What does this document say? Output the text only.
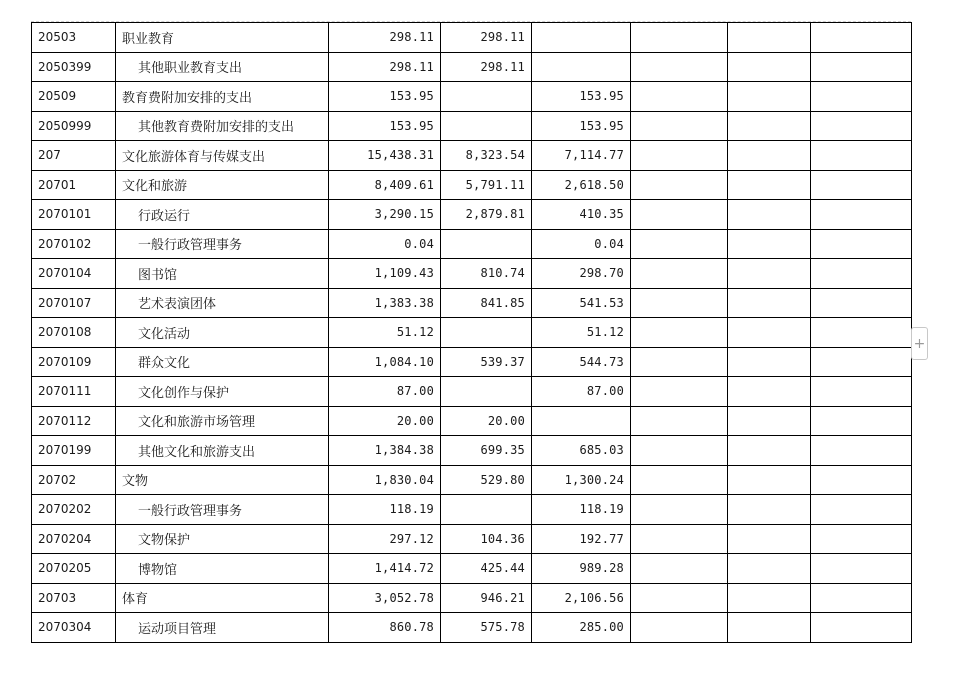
20503	职业教育	298.11	298.11				
2050399	其他职业教育支出	298.11	298.11				
20509	教育费附加安排的支出	153.95		153.95			
2050999	其他教育费附加安排的支出	153.95		153.95			
207	文化旅游体育与传媒支出	15,438.31	8,323.54	7,114.77			
20701	文化和旅游	8,409.61	5,791.11	2,618.50			
2070101	行政运行	3,290.15	2,879.81	410.35			
2070102	一般行政管理事务	0.04		0.04			
2070104	图书馆	1,109.43	810.74	298.70			
2070107	艺术表演团体	1,383.38	841.85	541.53			
2070108	文化活动	51.12		51.12			
2070109	群众文化	1,084.10	539.37	544.73			
2070111	文化创作与保护	87.00		87.00			
2070112	文化和旅游市场管理	20.00	20.00				
2070199	其他文化和旅游支出	1,384.38	699.35	685.03			
20702	文物	1,830.04	529.80	1,300.24			
2070202	一般行政管理事务	118.19		118.19			
2070204	文物保护	297.12	104.36	192.77			
2070205	博物馆	1,414.72	425.44	989.28			
20703	体育	3,052.78	946.21	2,106.56			
2070304	运动项目管理	860.78	575.78	285.00			
+
